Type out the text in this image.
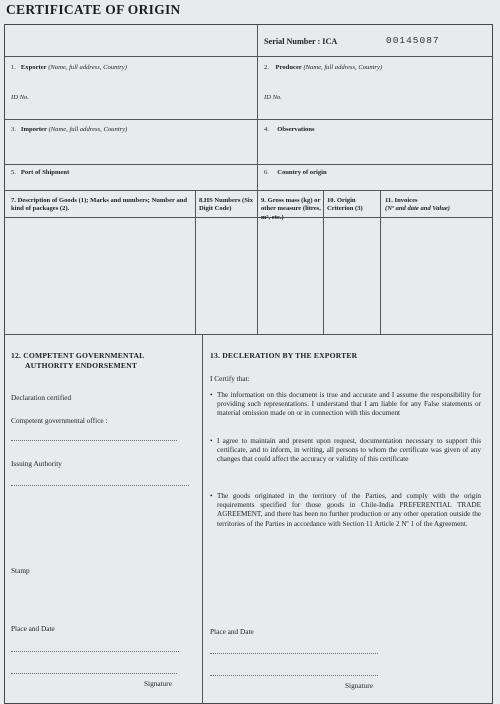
CERTIFICATE OF ORIGIN
Serial Number : ICA	00145087
1. Exporter (Name, full address, Country)
ID No.
2. Producer (Name, full address, Country)
ID No.
3. Importer (Name, full address, Country)	4. Observations
5. Port of Shipment	6. Country of origin
7. Description of Goods (1); Marks and numbers; Number and kind of packages (2).
8.HS Numbers (Six Digit Code)
9. Gross mass (kg) or other measure (litres, m³, etc.)
10. Origin Criterion (3)
11. Invoices
(Nº and date and Value)
12. COMPETENT GOVERNMENTAL
AUTHORITY ENDORSEMENT
Declaration certified
Competent governmental office :
Issuing Authority
Stamp
Place and Date
Signature
13. DECLERATION BY THE EXPORTER
I Certify that:
• The information on this document is true and accurate and I assume the responsibility for providing such representations. I understand that I am liable for any False statements or material omission made on or in connection with this document
• I agree to maintain and present upon request, documentation necessary to support this certificate, and to inform, in writing, all persons to whom the certificate was given of any changes that could affect the accuracy or validity of this certificate
• The goods originated in the territory of the Parties, and comply with the origin requirements specified for those goods in Chile-India PREFERENTIAL TRADE AGREEMENT, and there has been no further production or any other operation outside the territories of the Parties in accordance with Section 11 Article 2 Nº 1 of the Agreement.
Place and Date
Signature
